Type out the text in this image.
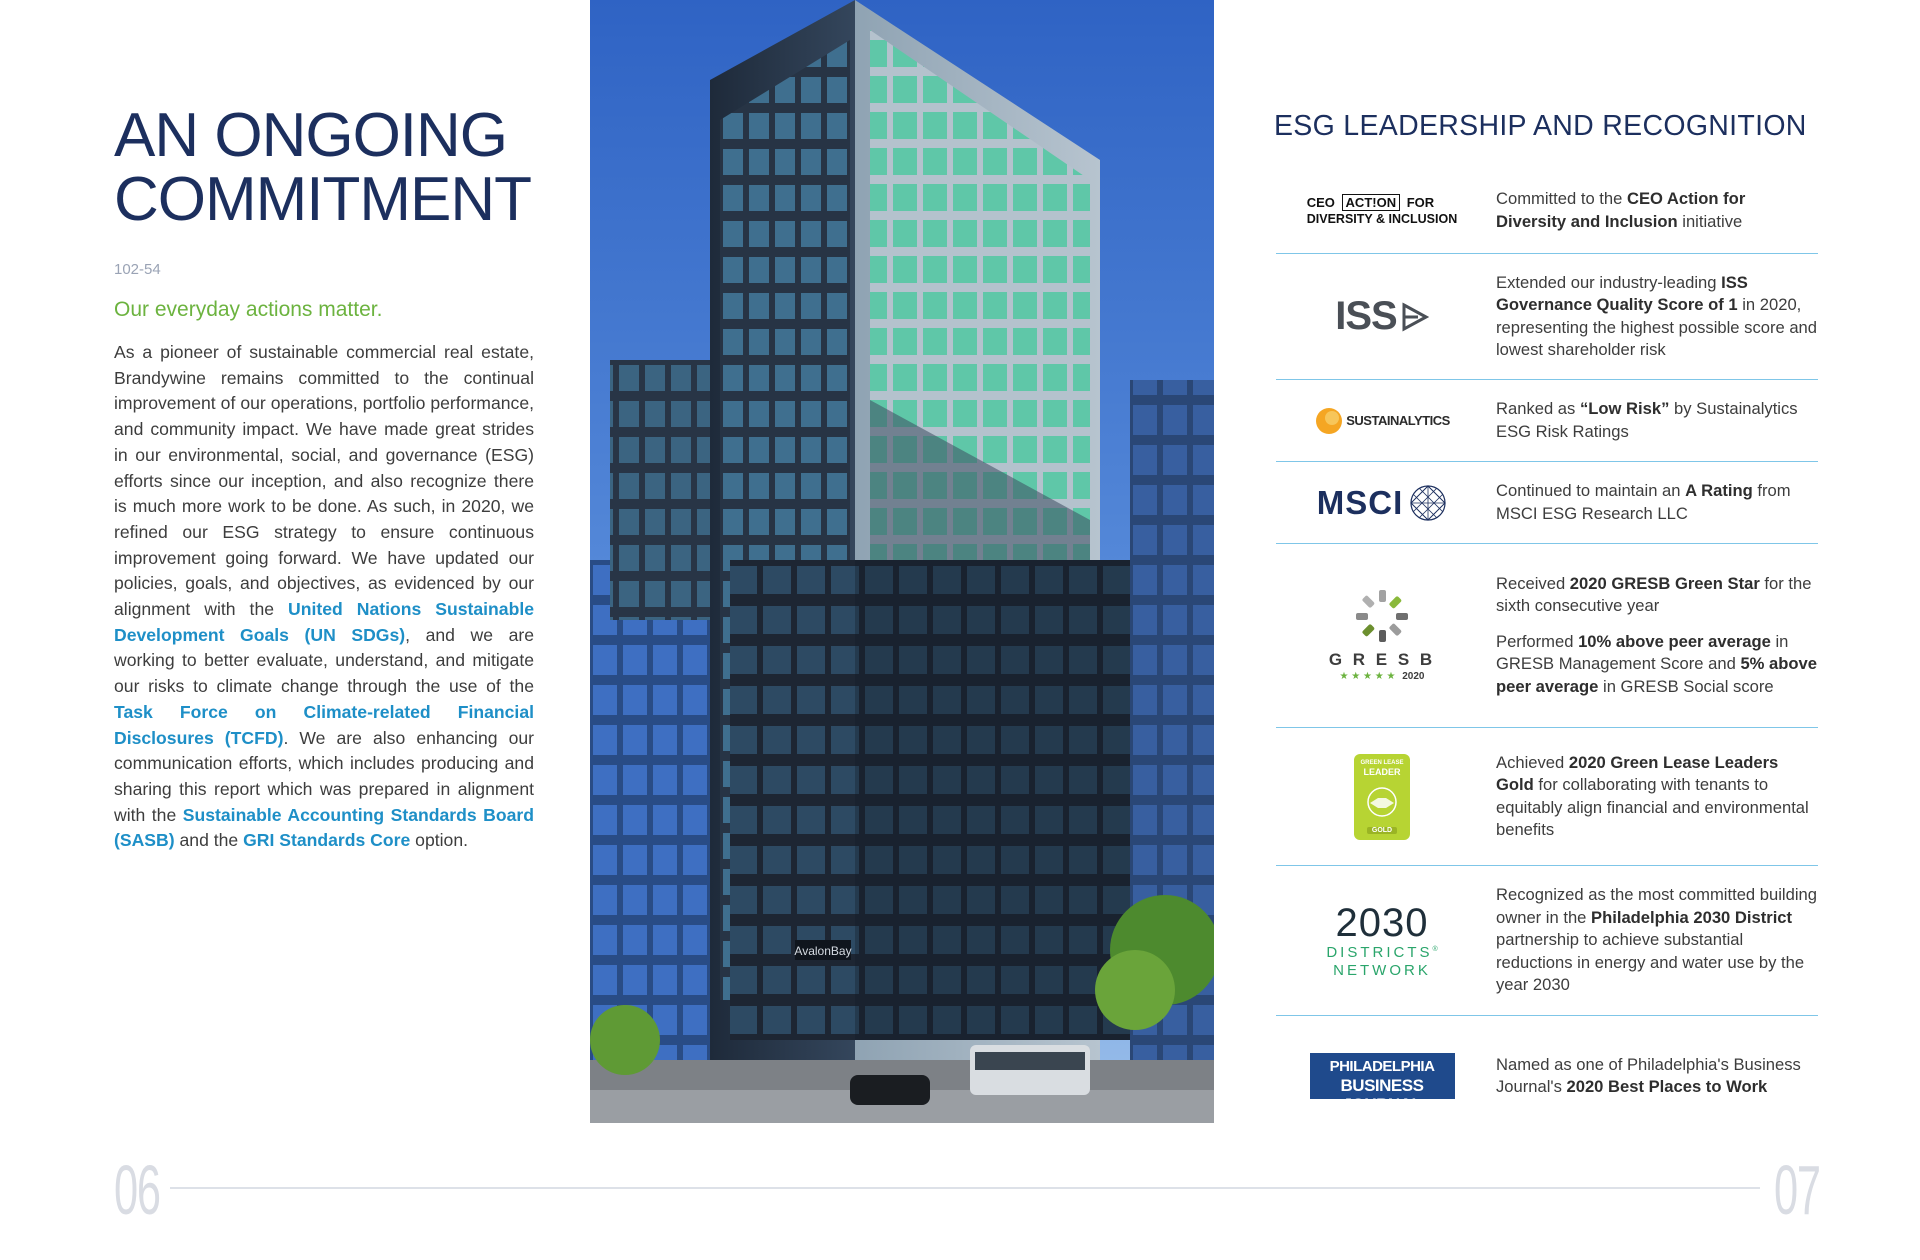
AN ONGOING
COMMITMENT
102-54
Our everyday actions matter.
As a pioneer of sustainable commercial real estate, Brandywine remains committed to the continual improvement of our operations, portfolio performance, and community impact. We have made great strides in our environmental, social, and governance (ESG) efforts since our inception, and also recognize there is much more work to be done. As such, in 2020, we refined our ESG strategy to ensure continuous improvement going forward. We have updated our policies, goals, and objectives, as evidenced by our alignment with the United Nations Sustainable Development Goals (UN SDGs), and we are working to better evaluate, understand, and mitigate our risks to climate change through the use of the Task Force on Climate-related Financial Disclosures (TCFD). We are also enhancing our communication efforts, which includes producing and sharing this report which was prepared in alignment with the Sustainable Accounting Standards Board (SASB) and the GRI Standards Core option.
AvalonBay
ESG LEADERSHIP AND RECOGNITION
CEO ACT!ON FOR
DIVERSITY & INCLUSION
Committed to the CEO Action for Diversity and Inclusion initiative
ISS
Extended our industry-leading ISS Governance Quality Score of 1 in 2020, representing the highest possible score and lowest shareholder risk
SUSTAINALYTICS
Ranked as “Low Risk” by Sustainalytics ESG Risk Ratings
MSCI	Continued to maintain an A Rating from MSCI ESG Research LLC
G R E S B
★ ★ ★ ★ ★ 2020

Received 2020 GRESB Green Star for the sixth consecutive year

Performed 10% above peer average in GRESB Management Score and 5% above peer average in GRESB Social score

GREEN LEASE
LEADER
GOLD
Achieved 2020 Green Lease Leaders Gold for collaborating with tenants to equitably align financial and environmental benefits
2030
DISTRICTS®
NETWORK
Recognized as the most committed building owner in the Philadelphia 2030 District partnership to achieve substantial reductions in energy and water use by the year 2030
PHILADELPHIA
BUSINESS JOURNAL
Named as one of Philadelphia's Business Journal's 2020 Best Places to Work
06	07
